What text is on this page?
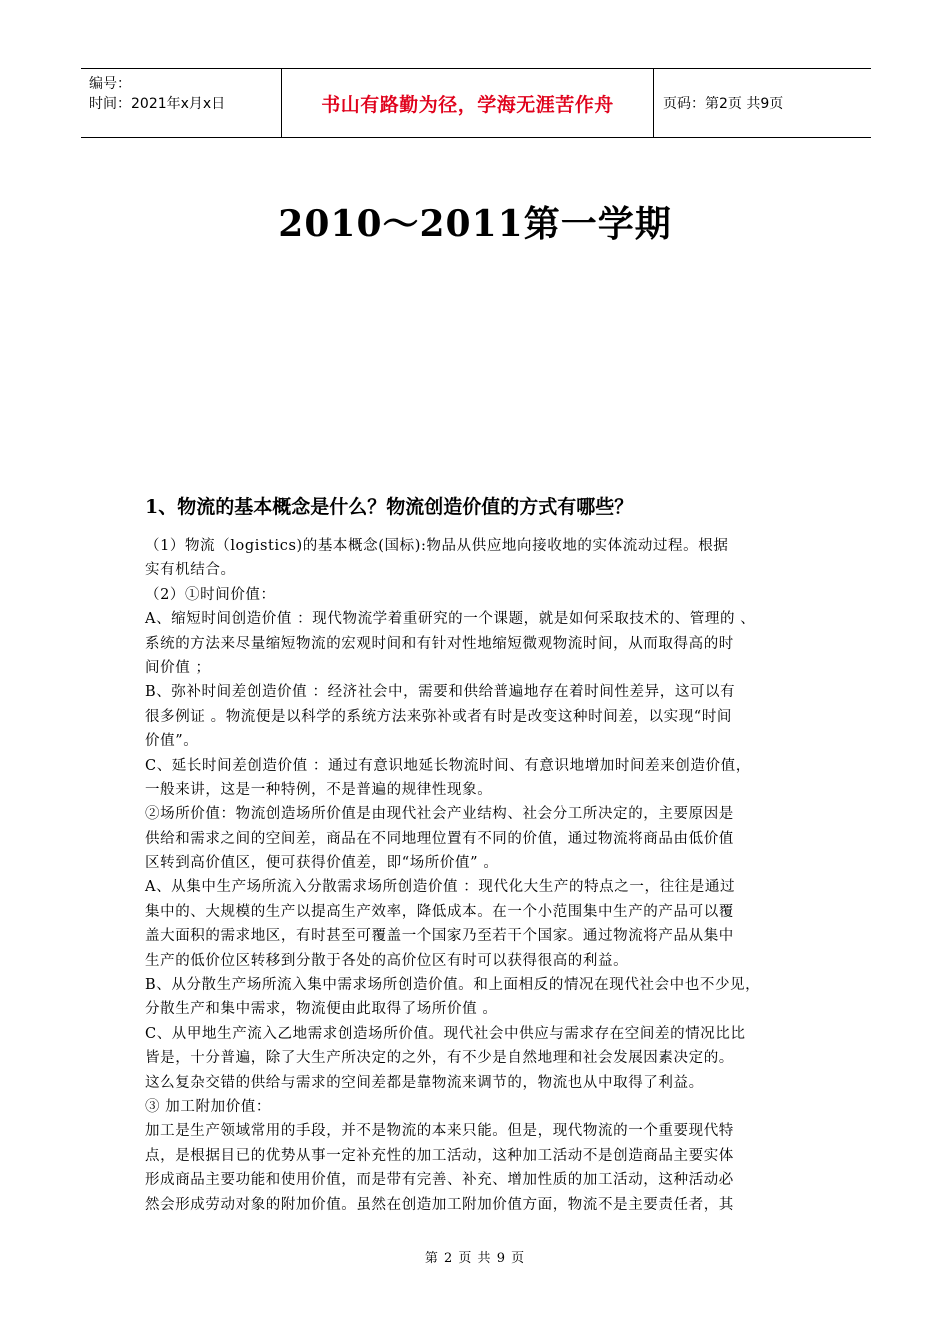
编号：
时间：2021年x月x日	书山有路勤为径，学海无涯苦作舟	页码：第2页 共9页
2010～2011第一学期
1、物流的基本概念是什么？物流创造价值的方式有哪些？
（1）物流（logistics)的基本概念(国标):物品从供应地向接收地的实体流动过程。根据
实有机结合。
（2）①时间价值：
A、缩短时间创造价值 ：现代物流学着重研究的一个课题，就是如何采取技术的、管理的 、
系统的方法来尽量缩短物流的宏观时间和有针对性地缩短微观物流时间，从而取得高的时
间价值 ；
B、弥补时间差创造价值 ：经济社会中，需要和供给普遍地存在着时间性差异，这可以有
很多例证 。物流便是以科学的系统方法来弥补或者有时是改变这种时间差，以实现“时间
价值”。
C、延长时间差创造价值 ：通过有意识地延长物流时间、有意识地增加时间差来创造价值，
一般来讲，这是一种特例，不是普遍的规律性现象。
②场所价值：物流创造场所价值是由现代社会产业结构、社会分工所决定的，主要原因是
供给和需求之间的空间差，商品在不同地理位置有不同的价值，通过物流将商品由低价值
区转到高价值区，便可获得价值差，即“场所价值” 。
A、从集中生产场所流入分散需求场所创造价值 ：现代化大生产的特点之一，往往是通过
集中的、大规模的生产以提高生产效率，降低成本。在一个小范围集中生产的产品可以覆
盖大面积的需求地区，有时甚至可覆盖一个国家乃至若干个国家。通过物流将产品从集中
生产的低价位区转移到分散于各处的高价位区有时可以获得很高的利益。
B、从分散生产场所流入集中需求场所创造价值。和上面相反的情况在现代社会中也不少见，
分散生产和集中需求，物流便由此取得了场所价值 。
C、从甲地生产流入乙地需求创造场所价值。现代社会中供应与需求存在空间差的情况比比
皆是，十分普遍，除了大生产所决定的之外，有不少是自然地理和社会发展因素决定的。
这么复杂交错的供给与需求的空间差都是靠物流来调节的，物流也从中取得了利益。
③ 加工附加价值：
加工是生产领域常用的手段，并不是物流的本来只能。但是，现代物流的一个重要现代特
点，是根据目已的优势从事一定补充性的加工活动，这种加工活动不是创造商品主要实体
形成商品主要功能和使用价值，而是带有完善、补充、增加性质的加工活动，这种活动必
然会形成劳动对象的附加价值。虽然在创造加工附加价值方面，物流不是主要责任者，其
第 2 页 共 9 页
